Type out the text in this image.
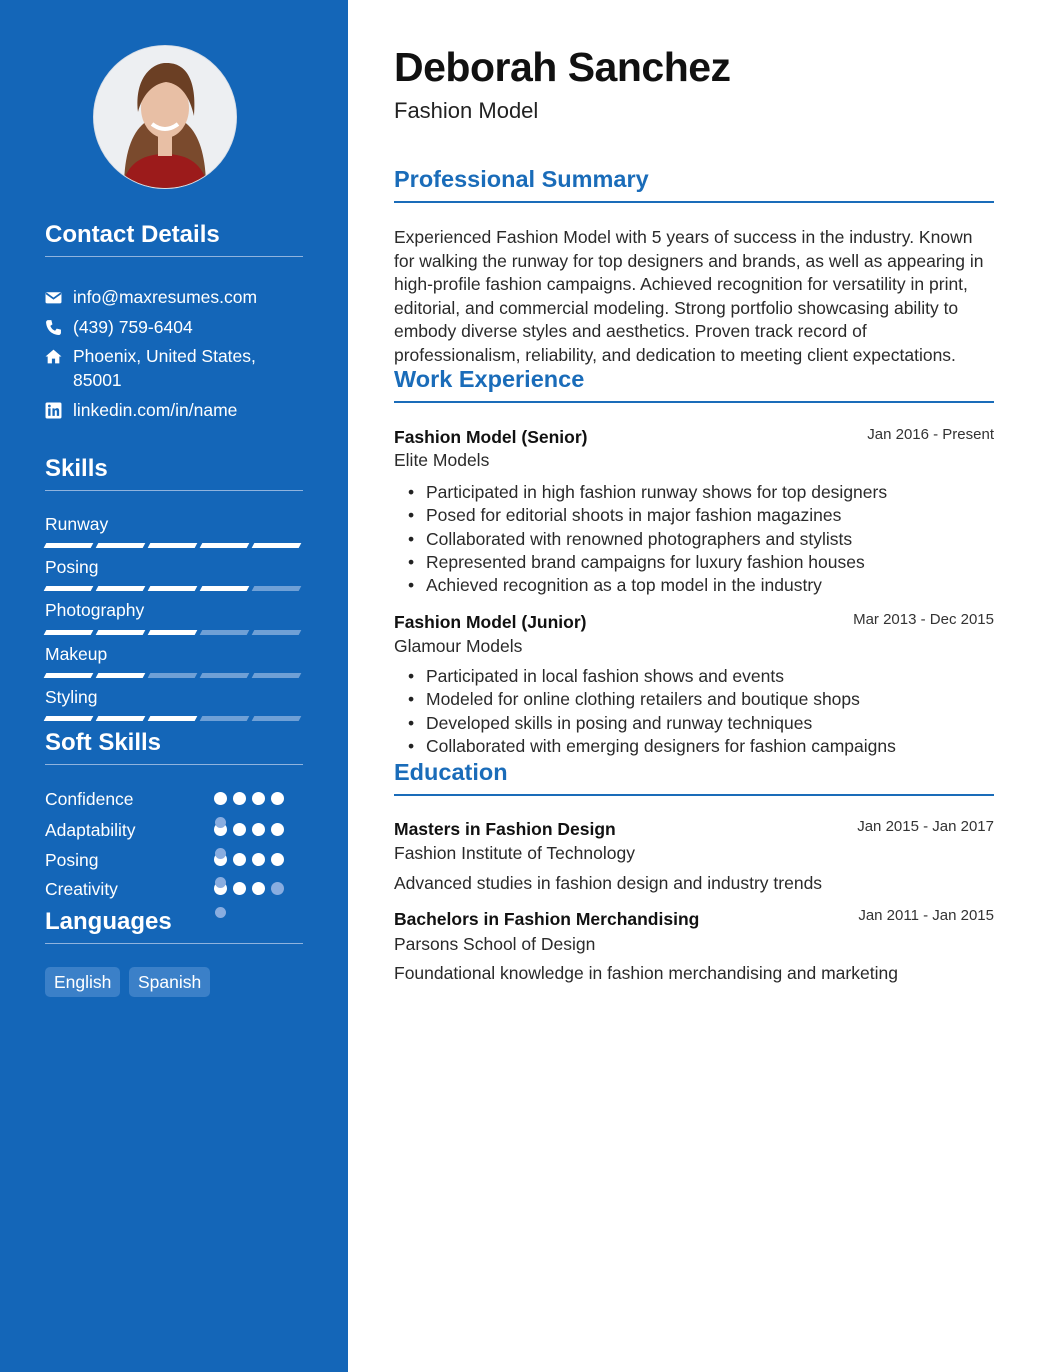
Contact Details
info@maxresumes.com
(439) 759-6404
Phoenix, United States,
85001
linkedin.com/in/name
Skills
Runway
Posing
Photography
Makeup
Styling
Soft Skills
Confidence
Adaptability
Posing
Creativity
Languages
English	Spanish
Deborah Sanchez
Fashion Model
Professional Summary
Experienced Fashion Model with 5 years of success in the industry. Known for walking the runway for top designers and brands, as well as appearing in high-profile fashion campaigns. Achieved recognition for versatility in print, editorial, and commercial modeling. Strong portfolio showcasing ability to embody diverse styles and aesthetics. Proven track record of professionalism, reliability, and dedication to meeting client expectations.
Work Experience
Fashion Model (Senior)	Jan 2016 - Present
Elite Models
• Participated in high fashion runway shows for top designers
• Posed for editorial shoots in major fashion magazines
• Collaborated with renowned photographers and stylists
• Represented brand campaigns for luxury fashion houses
• Achieved recognition as a top model in the industry
Fashion Model (Junior)	Mar 2013 - Dec 2015
Glamour Models
• Participated in local fashion shows and events
• Modeled for online clothing retailers and boutique shops
• Developed skills in posing and runway techniques
• Collaborated with emerging designers for fashion campaigns
Education
Masters in Fashion Design	Jan 2015 - Jan 2017
Fashion Institute of Technology
Advanced studies in fashion design and industry trends
Bachelors in Fashion Merchandising	Jan 2011 - Jan 2015
Parsons School of Design
Foundational knowledge in fashion merchandising and marketing
